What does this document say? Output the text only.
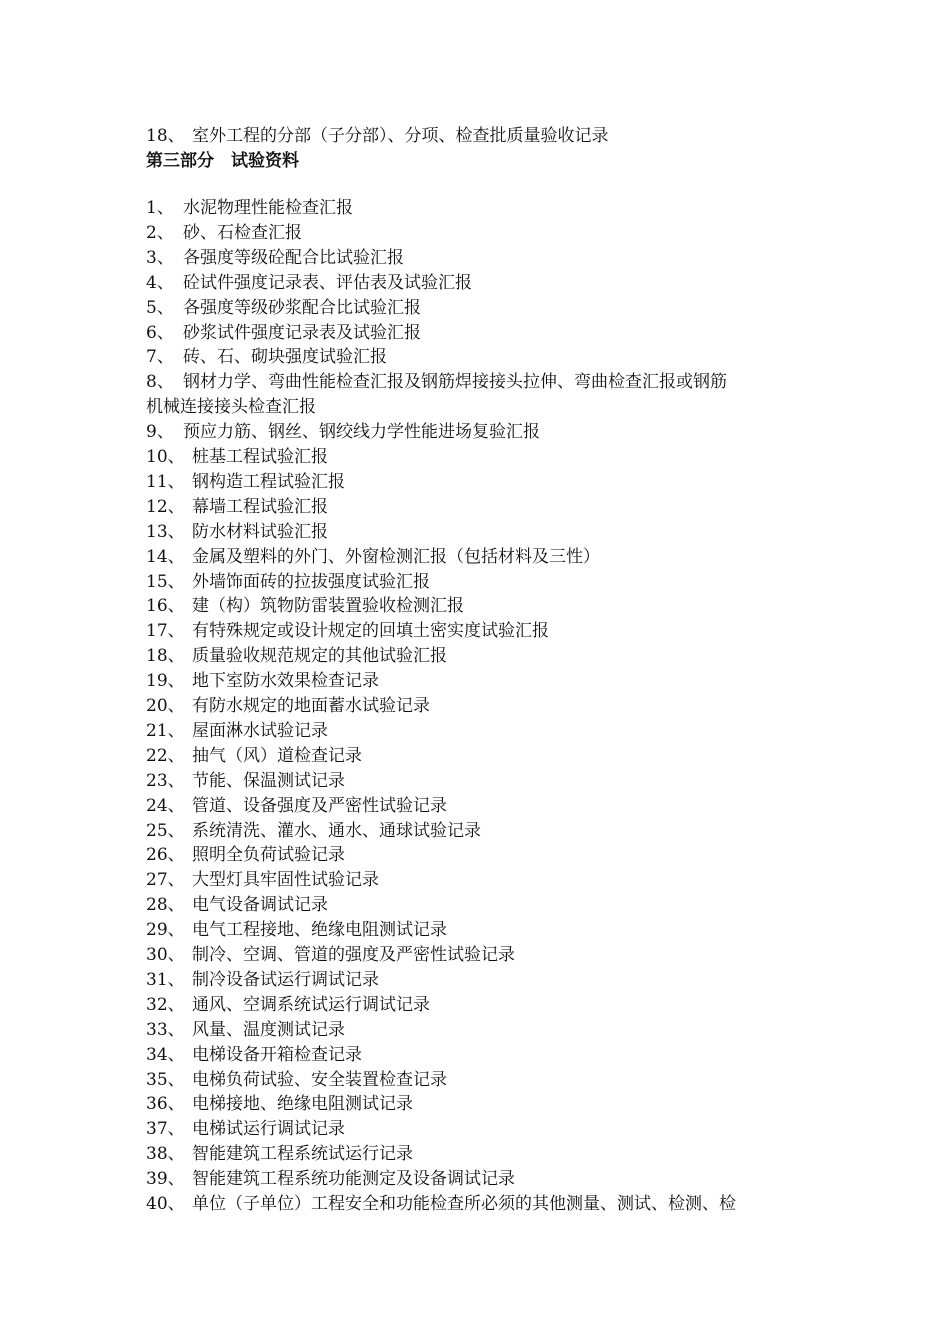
18、 室外工程的分部（子分部）、分项、检查批质量验收记录
第三部分　试验资料
1、 水泥物理性能检查汇报
2、 砂、石检查汇报
3、 各强度等级砼配合比试验汇报
4、 砼试件强度记录表、评估表及试验汇报
5、 各强度等级砂浆配合比试验汇报
6、 砂浆试件强度记录表及试验汇报
7、 砖、石、砌块强度试验汇报
8、 钢材力学、弯曲性能检查汇报及钢筋焊接接头拉伸、弯曲检查汇报或钢筋
机械连接接头检查汇报
9、 预应力筋、钢丝、钢绞线力学性能进场复验汇报
10、 桩基工程试验汇报
11、 钢构造工程试验汇报
12、 幕墙工程试验汇报
13、 防水材料试验汇报
14、 金属及塑料的外门、外窗检测汇报（包括材料及三性）
15、 外墙饰面砖的拉拔强度试验汇报
16、 建（构）筑物防雷装置验收检测汇报
17、 有特殊规定或设计规定的回填土密实度试验汇报
18、 质量验收规范规定的其他试验汇报
19、 地下室防水效果检查记录
20、 有防水规定的地面蓄水试验记录
21、 屋面淋水试验记录
22、 抽气（风）道检查记录
23、 节能、保温测试记录
24、 管道、设备强度及严密性试验记录
25、 系统清洗、灌水、通水、通球试验记录
26、 照明全负荷试验记录
27、 大型灯具牢固性试验记录
28、 电气设备调试记录
29、 电气工程接地、绝缘电阻测试记录
30、 制冷、空调、管道的强度及严密性试验记录
31、 制冷设备试运行调试记录
32、 通风、空调系统试运行调试记录
33、 风量、温度测试记录
34、 电梯设备开箱检查记录
35、 电梯负荷试验、安全装置检查记录
36、 电梯接地、绝缘电阻测试记录
37、 电梯试运行调试记录
38、 智能建筑工程系统试运行记录
39、 智能建筑工程系统功能测定及设备调试记录
40、 单位（子单位）工程安全和功能检查所必须的其他测量、测试、检测、检
